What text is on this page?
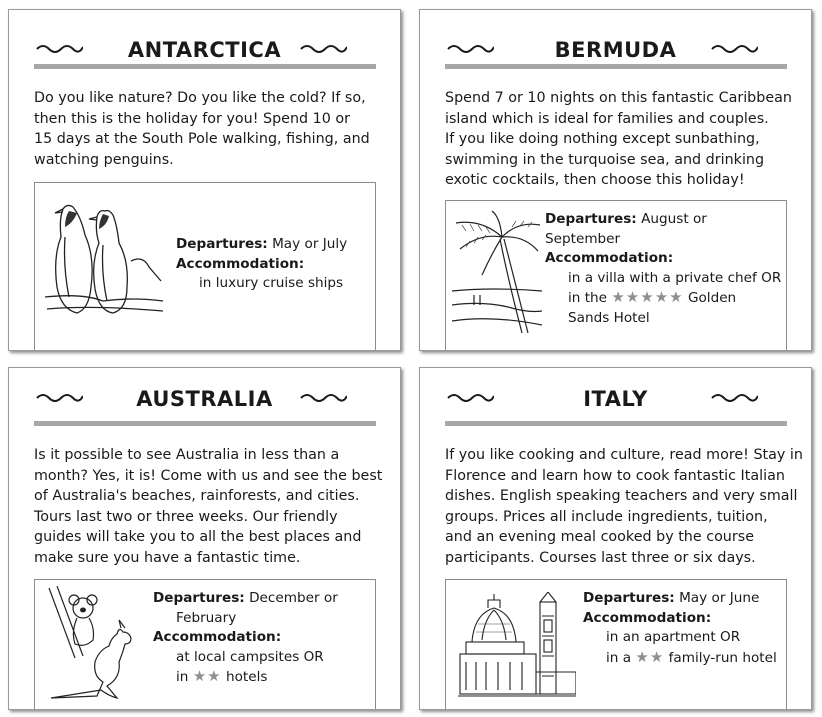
ANTARCTICA
Do you like nature? Do you like the cold? If so,
then this is the holiday for you! Spend 10 or
15 days at the South Pole walking, fishing, and
watching penguins.
Departures: May or July
Accommodation:
in luxury cruise ships
BERMUDA
Spend 7 or 10 nights on this fantastic Caribbean
island which is ideal for families and couples.
If you like doing nothing except sunbathing,
swimming in the turquoise sea, and drinking
exotic cocktails, then choose this holiday!
Departures: August or September
Accommodation:
in a villa with a private chef OR
in the ★★★★★ Golden
Sands Hotel
AUSTRALIA
Is it possible to see Australia in less than a
month? Yes, it is! Come with us and see the best
of Australia's beaches, rainforests, and cities.
Tours last two or three weeks. Our friendly
guides will take you to all the best places and
make sure you have a fantastic time.
Departures: December or
February
Accommodation:
at local campsites OR
in ★★ hotels
ITALY
If you like cooking and culture, read more! Stay in
Florence and learn how to cook fantastic Italian
dishes. English speaking teachers and very small
groups. Prices all include ingredients, tuition,
and an evening meal cooked by the course
participants. Courses last three or six days.
Departures: May or June
Accommodation:
in an apartment OR
in a ★★ family-run hotel
